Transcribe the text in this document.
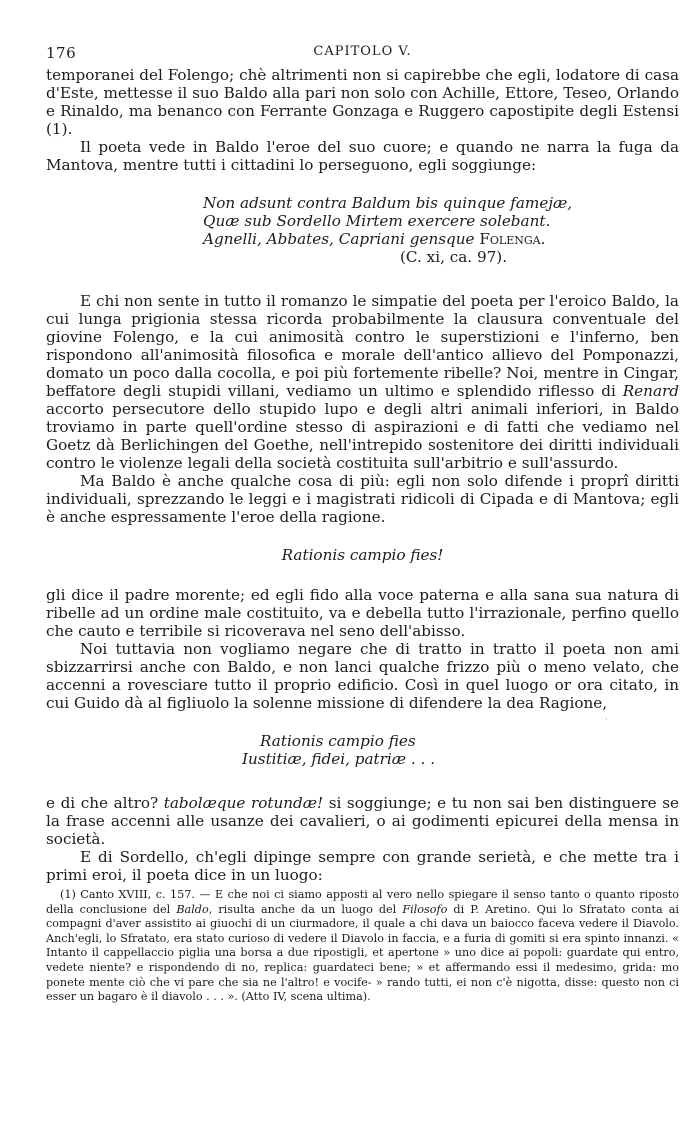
176	CAPITOLO V.

temporanei del Folengo; chè altrimenti non si capirebbe che egli, lodatore di casa d'Este, mettesse il suo Baldo alla pari non solo con Achille, Ettore, Teseo, Orlando e Rinaldo, ma benanco con Ferrante Gonzaga e Ruggero capostipite degli Estensi (1).

Il poeta vede in Baldo l'eroe del suo cuore; e quando ne narra la fuga da Mantova, mentre tutti i cittadini lo perseguono, egli soggiunge:

Non adsunt contra Baldum bis quinque famejæ,
Quæ sub Sordello Mirtem exercere solebant.
Agnelli, Abbates, Capriani gensque Folenga.
(C. xi, ca. 97).

E chi non sente in tutto il romanzo le simpatie del poeta per l'eroico Baldo, la cui lunga prigionia stessa ricorda probabilmente la clausura conventuale del giovine Folengo, e la cui animosità contro le superstizioni e l'inferno, ben rispondono all'animosità filosofica e morale dell'antico allievo del Pomponazzi, domato un poco dalla cocolla, e poi più fortemente ribelle? Noi, mentre in Cingar, beffatore degli stupidi villani, vediamo un ultimo e splendido riflesso di Renard accorto persecutore dello stupido lupo e degli altri animali inferiori, in Baldo troviamo in parte quell'ordine stesso di aspirazioni e di fatti che vediamo nel Goetz dà Berlichingen del Goethe, nell'intrepido sostenitore dei diritti individuali contro le violenze legali della società costituita sull'arbitrio e sull'assurdo.

Ma Baldo è anche qualche cosa di più: egli non solo difende i proprî diritti individuali, sprezzando le leggi e i magistrati ridicoli di Cipada e di Mantova; egli è anche espressamente l'eroe della ragione.

Rationis campio fies!

gli dice il padre morente; ed egli fido alla voce paterna e alla sana sua natura di ribelle ad un ordine male costituito, va e debella tutto l'irrazionale, perfino quello che cauto e terribile si ricoverava nel seno dell'abisso.

Noi tuttavia non vogliamo negare che di tratto in tratto il poeta non ami sbizzarrirsi anche con Baldo, e non lanci qualche frizzo più o meno velato, che accenni a rovesciare tutto il proprio edificio. Così in quel luogo or ora citato, in cui Guido dà al figliuolo la solenne missione di difendere la dea Ragione,

Rationis campio fies
Iustitiæ, fidei, patriæ . . .

e di che altro? tabolæque rotundæ! si soggiunge; e tu non sai ben distinguere se la frase accenni alle usanze dei cavalieri, o ai godimenti epicurei della mensa in società.

E di Sordello, ch'egli dipinge sempre con grande serietà, e che mette tra i primi eroi, il poeta dice in un luogo:

(1) Canto XVIII, c. 157. — E che noi ci siamo apposti al vero nello spiegare il senso tanto o quanto riposto della conclusione del Baldo, risulta anche da un luogo del Filosofo di P. Aretino. Qui lo Sfratato conta ai compagni d'aver assistito ai giuochi di un ciurmadore, il quale a chi dava un baiocco faceva vedere il Diavolo. Anch'egli, lo Sfratato, era stato curioso di vedere il Diavolo in faccia, e a furia di gomiti si era spinto innanzi. « Intanto il cappellaccio piglia una borsa a due ripostigli, et apertone » uno dice ai popoli: guardate qui entro, vedete niente? e rispondendo di no, replica: guardateci bene; » et affermando essi il medesimo, grida: mo ponete mente ciò che vi pare che sia ne l'altro! e vocife- » rando tutti, ei non c'è nigotta, disse: questo non ci esser un bagaro è il diavolo . . . ». (Atto IV, scena ultima).

·
